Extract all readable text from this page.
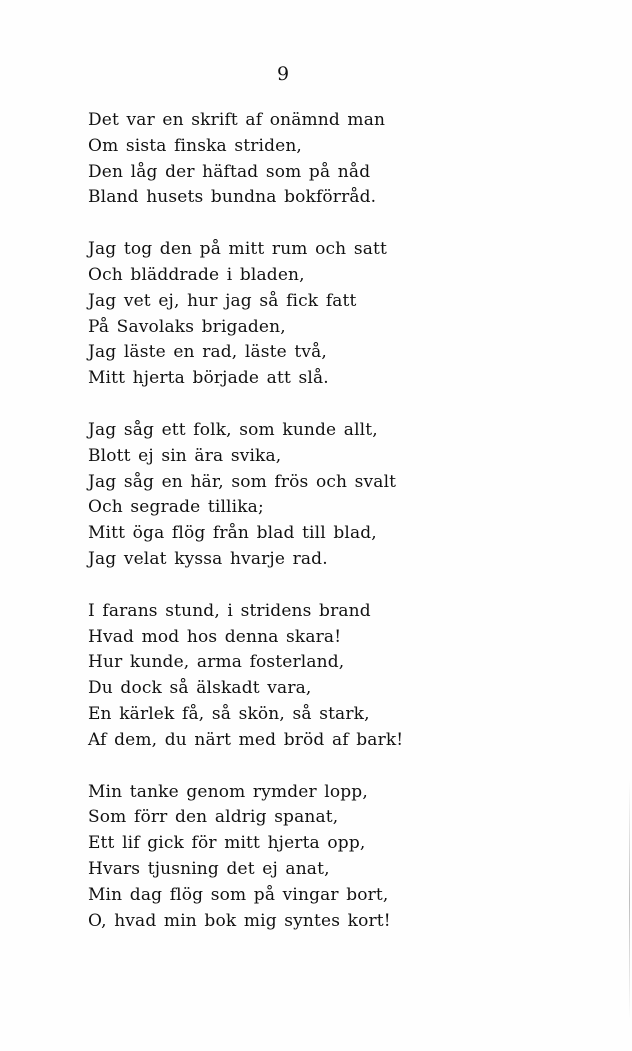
9
Det var en skrift af onämnd man
Om sista finska striden,
Den låg der häftad som på nåd
Bland husets bundna bokförråd.
Jag tog den på mitt rum och satt
Och bläddrade i bladen,
Jag vet ej, hur jag så fick fatt
På Savolaks brigaden,
Jag läste en rad, läste två,
Mitt hjerta började att slå.
Jag såg ett folk, som kunde allt,
Blott ej sin ära svika,
Jag såg en här, som frös och svalt
Och segrade tillika;
Mitt öga flög från blad till blad,
Jag velat kyssa hvarje rad.
I farans stund, i stridens brand
Hvad mod hos denna skara!
Hur kunde, arma fosterland,
Du dock så älskadt vara,
En kärlek få, så skön, så stark,
Af dem, du närt med bröd af bark!
Min tanke genom rymder lopp,
Som förr den aldrig spanat,
Ett lif gick för mitt hjerta opp,
Hvars tjusning det ej anat,
Min dag flög som på vingar bort,
O, hvad min bok mig syntes kort!
